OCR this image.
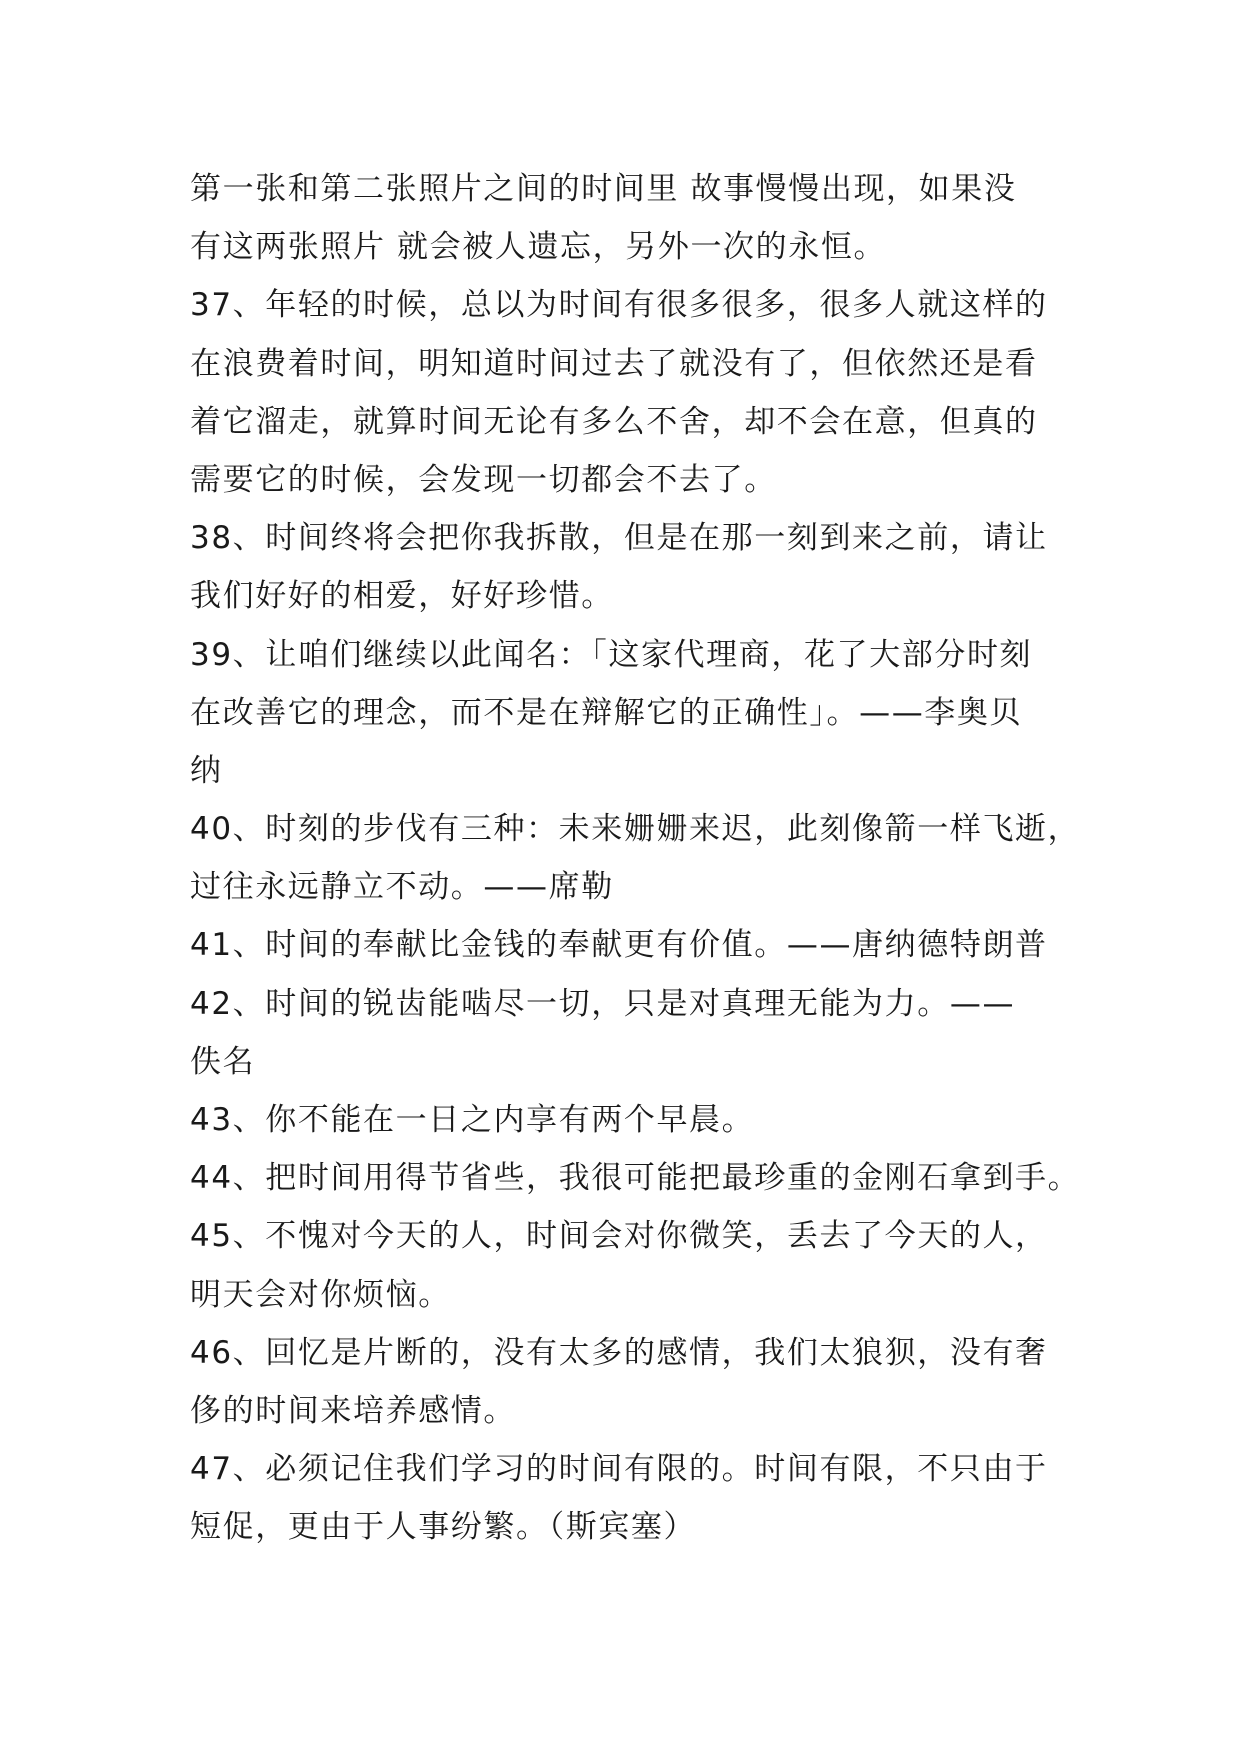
第一张和第二张照片之间的时间里 故事慢慢出现，如果没
有这两张照片 就会被人遗忘，另外一次的永恒。
37、年轻的时候，总以为时间有很多很多，很多人就这样的
在浪费着时间，明知道时间过去了就没有了，但依然还是看
着它溜走，就算时间无论有多么不舍，却不会在意，但真的
需要它的时候，会发现一切都会不去了。
38、时间终将会把你我拆散，但是在那一刻到来之前，请让
我们好好的相爱，好好珍惜。
39、让咱们继续以此闻名：「这家代理商，花了大部分时刻
在改善它的理念，而不是在辩解它的正确性」。——李奥贝
纳
40、时刻的步伐有三种：未来姗姗来迟，此刻像箭一样飞逝，
过往永远静立不动。——席勒
41、时间的奉献比金钱的奉献更有价值。——唐纳德特朗普
42、时间的锐齿能啮尽一切，只是对真理无能为力。——
佚名
43、你不能在一日之内享有两个早晨。
44、把时间用得节省些，我很可能把最珍重的金刚石拿到手。
45、不愧对今天的人，时间会对你微笑，丢去了今天的人，
明天会对你烦恼。
46、回忆是片断的，没有太多的感情，我们太狼狈，没有奢
侈的时间来培养感情。
47、必须记住我们学习的时间有限的。时间有限，不只由于
短促，更由于人事纷繁。（斯宾塞）
